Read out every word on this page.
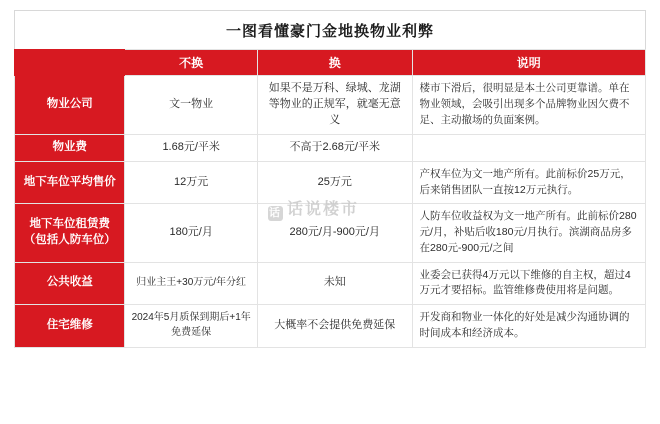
一图看懂豪门金地换物业利弊
	不换	换	说明
物业公司	文一物业	如果不是万科、绿城、龙湖等物业的正规军，就毫无意义	楼市下滑后，很明显是本土公司更靠谱。单在物业领域，会吸引出现多个品牌物业因欠费不足、主动撤场的负面案例。
物业费	1.68元/平米	不高于2.68元/平米	
地下车位平均售价	12万元	25万元	产权车位为文一地产所有。此前标价25万元，后来销售团队一直按12万元执行。
地下车位租赁费（包括人防车位）	180元/月	280元/月-900元/月	人防车位收益权为文一地产所有。此前标价280元/月，补贴后收180元/月执行。滨湖商品房多在280元-900元/之间
公共收益	归业主王+30万元/年分红	未知	业委会已获得4万元以下维修的自主权，超过4万元才要招标。监管维修费使用将是问题。
住宅维修	2024年5月质保到期后+1年免费延保	大概率不会提供免费延保	开发商和物业一体化的好处是减少沟通协调的时间成本和经济成本。
话 话说楼市
